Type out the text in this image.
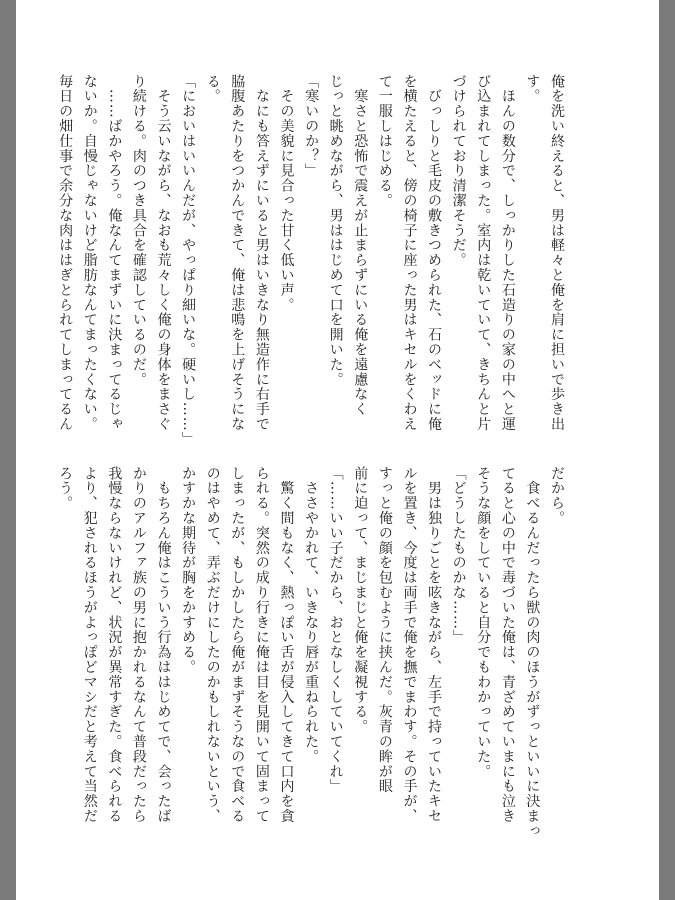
俺を洗い終えると、男は軽々と俺を肩に担いで歩き出
す。
　ほんの数分で、しっかりした石造りの家の中へと運
び込まれてしまった。室内は乾いていて、きちんと片
づけられており清潔そうだ。
　びっしりと毛皮の敷きつめられた、石のベッドに俺
を横たえると、傍の椅子に座った男はキセルをくわえ
て一服しはじめる。
　寒さと恐怖で震えが止まらずにいる俺を遠慮なく
じっと眺めながら、男ははじめて口を開いた。
「寒いのか？」
　その美貌に見合った甘く低い声。
　なにも答えずにいると男はいきなり無造作に右手で
脇腹あたりをつかんできて、俺は悲鳴を上げそうにな
る。
「においはいいんだが、やっぱり細いな。硬いし……」
　そう云いながら、なおも荒々しく俺の身体をまさぐ
り続ける。肉のつき具合を確認しているのだ。
　……ばかやろう。俺なんてまずいに決まってるじゃ
ないか。自慢じゃないけど脂肪なんてまったくない。
毎日の畑仕事で余分な肉ははぎとられてしまってるん
だから。
　食べるんだったら獣の肉のほうがずっといいに決まっ
てると心の中で毒づいた俺は、青ざめていまにも泣き
そうな顔をしていると自分でもわかっていた。
「どうしたものかな……」
　男は独りごとを呟きながら、左手で持っていたキセ
ルを置き、今度は両手で俺を撫でまわす。その手が、
すっと俺の顔を包むように挟んだ。灰青の眸が眼
前に迫って、まじまじと俺を凝視する。
「……いい子だから、おとなしくしていてくれ」
　ささやかれて、いきなり唇が重ねられた。
　驚く間もなく、熱っぽい舌が侵入してきて口内を貪
られる。突然の成り行きに俺は目を見開いて固まって
しまったが、もしかしたら俺がまずそうなので食べる
のはやめて、弄ぶだけにしたのかもしれないという、
かすかな期待が胸をかすめる。
　もちろん俺はこういう行為ははじめてで、会ったば
かりのアルファ族の男に抱かれるなんて普段だったら
我慢ならないけれど、状況が異常すぎた。食べられる
より、犯されるほうがよっぽどマシだと考えて当然だ
ろう。
